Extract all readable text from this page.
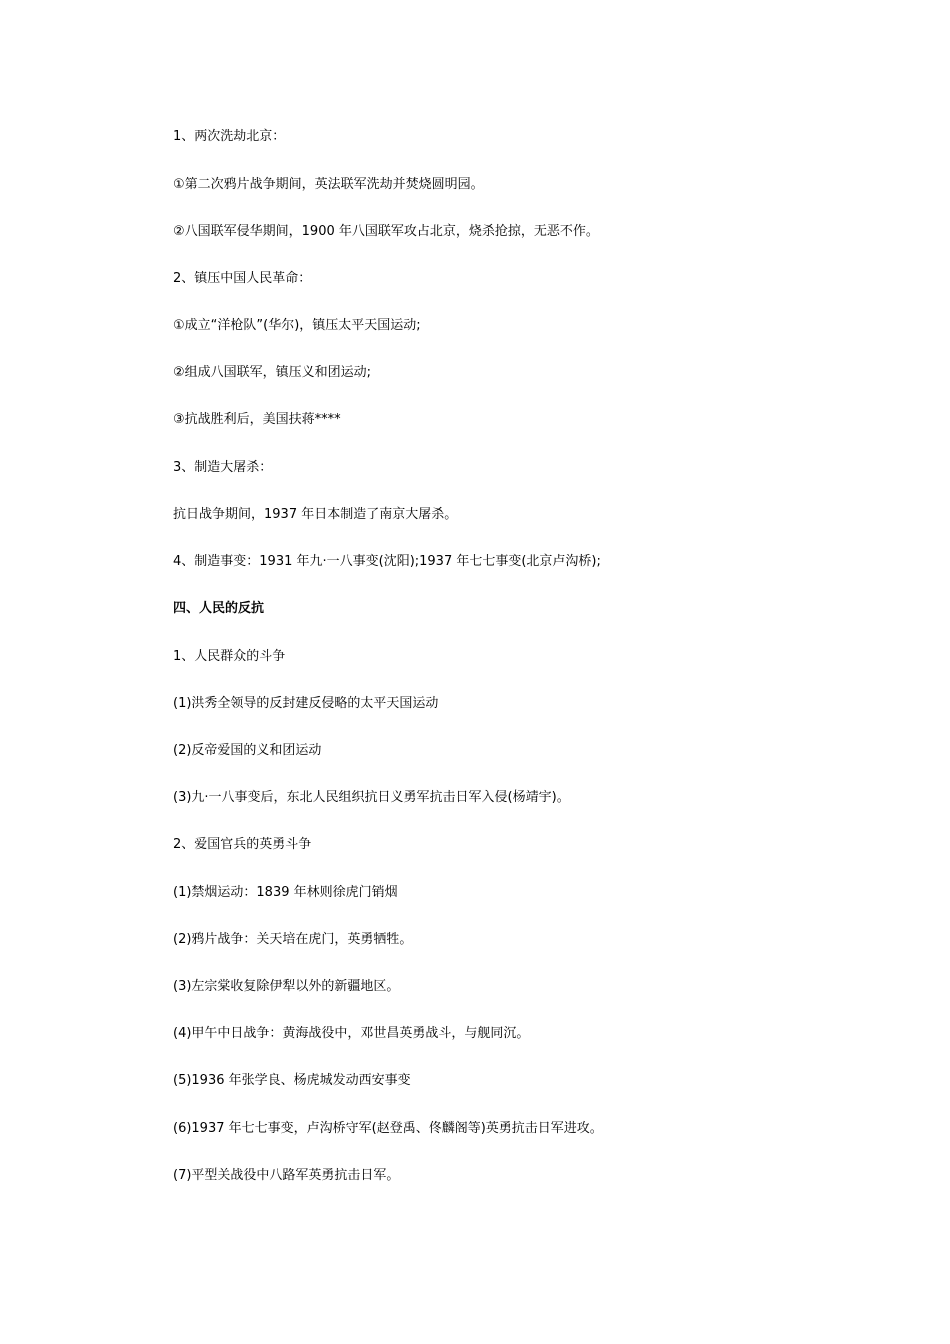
1、两次洗劫北京：
①第二次鸦片战争期间，英法联军洗劫并焚烧圆明园。
②八国联军侵华期间，1900 年八国联军攻占北京，烧杀抢掠，无恶不作。
2、镇压中国人民革命：
①成立“洋枪队”(华尔)，镇压太平天国运动;
②组成八国联军，镇压义和团运动;
③抗战胜利后，美国扶蒋****
3、制造大屠杀：
抗日战争期间，1937 年日本制造了南京大屠杀。
4、制造事变：1931 年九·一八事变(沈阳);1937 年七七事变(北京卢沟桥);
四、人民的反抗
1、人民群众的斗争
(1)洪秀全领导的反封建反侵略的太平天国运动
(2)反帝爱国的义和团运动
(3)九·一八事变后，东北人民组织抗日义勇军抗击日军入侵(杨靖宇)。
2、爱国官兵的英勇斗争
(1)禁烟运动：1839 年林则徐虎门销烟
(2)鸦片战争：关天培在虎门，英勇牺牲。
(3)左宗棠收复除伊犁以外的新疆地区。
(4)甲午中日战争：黄海战役中，邓世昌英勇战斗，与舰同沉。
(5)1936 年张学良、杨虎城发动西安事变
(6)1937 年七七事变，卢沟桥守军(赵登禹、佟麟阁等)英勇抗击日军进攻。
(7)平型关战役中八路军英勇抗击日军。
